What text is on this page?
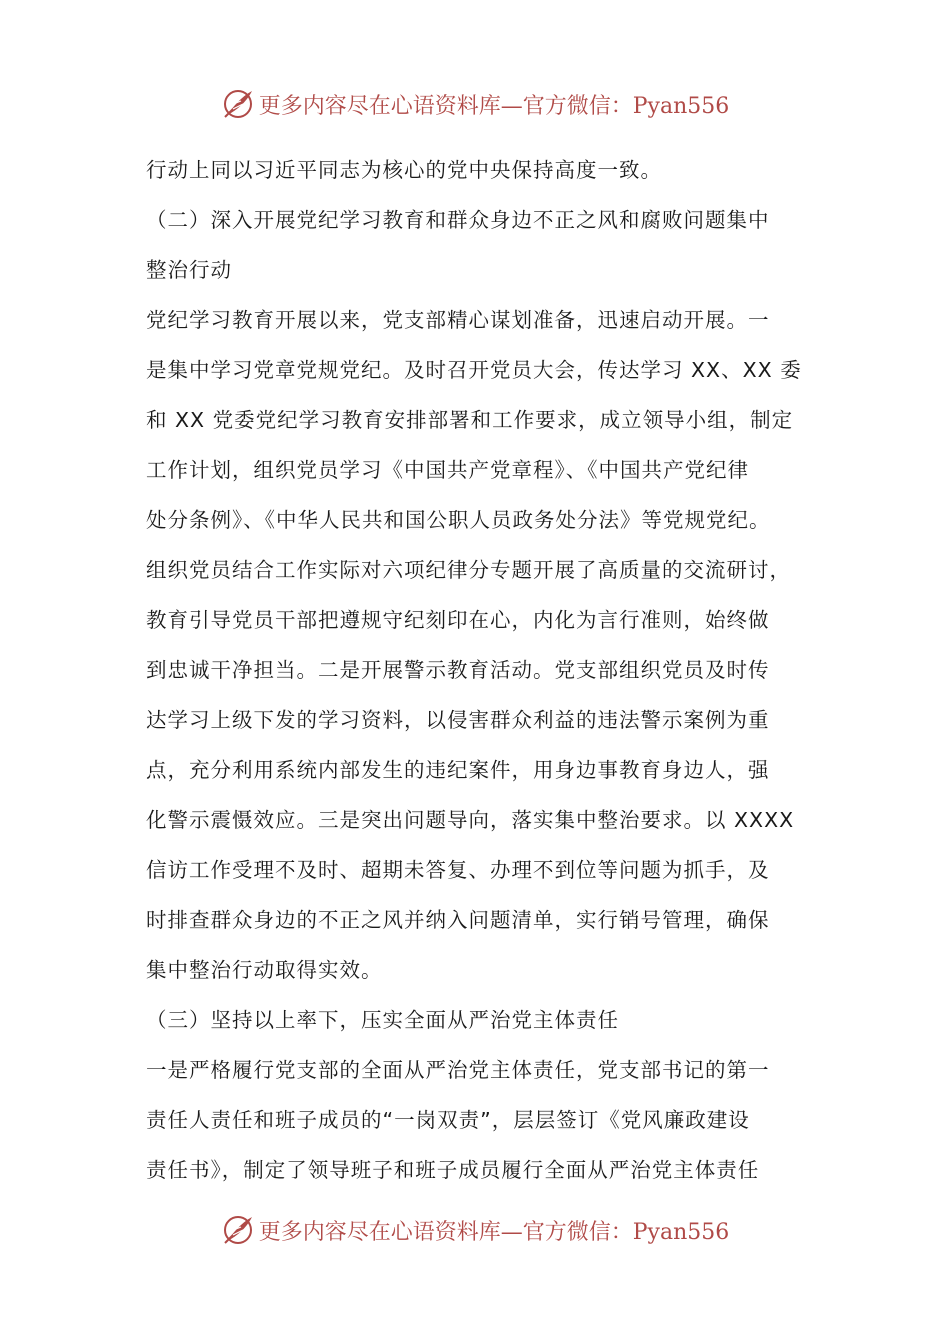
更多内容尽在心语资料库—官方微信：Pyan556

行动上同以习近平同志为核心的党中央保持高度一致。

（二）深入开展党纪学习教育和群众身边不正之风和腐败问题集中
整治行动

党纪学习教育开展以来，党支部精心谋划准备，迅速启动开展。一
是集中学习党章党规党纪。及时召开党员大会，传达学习 XX、XX 委
和 XX 党委党纪学习教育安排部署和工作要求，成立领导小组，制定
工作计划，组织党员学习《中国共产党章程》、《中国共产党纪律
处分条例》、《中华人民共和国公职人员政务处分法》等党规党纪。
组织党员结合工作实际对六项纪律分专题开展了高质量的交流研讨，
教育引导党员干部把遵规守纪刻印在心，内化为言行准则，始终做
到忠诚干净担当。二是开展警示教育活动。党支部组织党员及时传
达学习上级下发的学习资料，以侵害群众利益的违法警示案例为重
点，充分利用系统内部发生的违纪案件，用身边事教育身边人，强
化警示震慑效应。三是突出问题导向，落实集中整治要求。以 XXXX
信访工作受理不及时、超期未答复、办理不到位等问题为抓手，及
时排查群众身边的不正之风并纳入问题清单，实行销号管理，确保
集中整治行动取得实效。

（三）坚持以上率下，压实全面从严治党主体责任

一是严格履行党支部的全面从严治党主体责任，党支部书记的第一
责任人责任和班子成员的“一岗双责”，层层签订《党风廉政建设
责任书》，制定了领导班子和班子成员履行全面从严治党主体责任

更多内容尽在心语资料库—官方微信：Pyan556
